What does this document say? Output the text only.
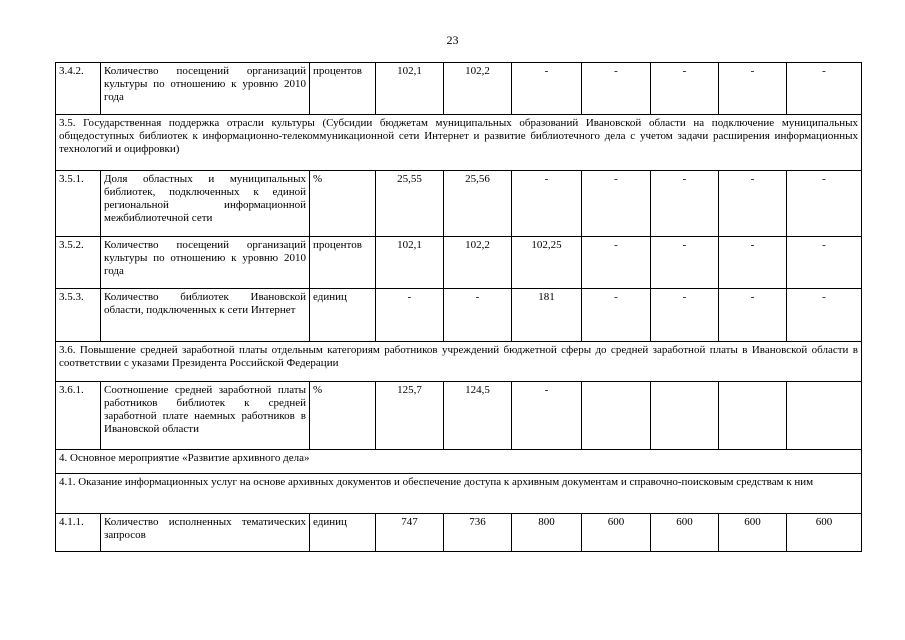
23
3.4.2.	Количество посещений организаций культуры по отношению к уровню 2010 года	процентов	102,1	102,2	-	-	-	-	-
3.5. Государственная поддержка отрасли культуры (Субсидии бюджетам муниципальных образований Ивановской области на подключение муниципальных общедоступных библиотек к информационно-телекоммуникационной сети Интернет и развитие библиотечного дела с учетом задачи расширения информационных технологий и оцифровки)									
3.5.1.	Доля областных и муниципальных библиотек, подключенных к единой региональной информационной межбиблиотечной сети	%	25,55	25,56	-	-	-	-	-
3.5.2.	Количество посещений организаций культуры по отношению к уровню 2010 года	процентов	102,1	102,2	102,25	-	-	-	-
3.5.3.	Количество библиотек Ивановской области, подключенных к сети Интернет	единиц	-	-	181	-	-	-	-
3.6. Повышение средней заработной платы отдельным категориям работников учреждений бюджетной сферы до средней заработной платы в Ивановской области в соответствии с указами Президента Российской Федерации									
3.6.1.	Соотношение средней заработной платы работников библиотек к средней заработной плате наемных работников в Ивановской области	%	125,7	124,5	-				
4. Основное мероприятие «Развитие архивного дела»									
4.1. Оказание информационных услуг на основе архивных документов и обеспечение доступа к архивным документам и справочно-поисковым средствам к ним									
4.1.1.	Количество исполненных тематических запросов	единиц	747	736	800	600	600	600	600
